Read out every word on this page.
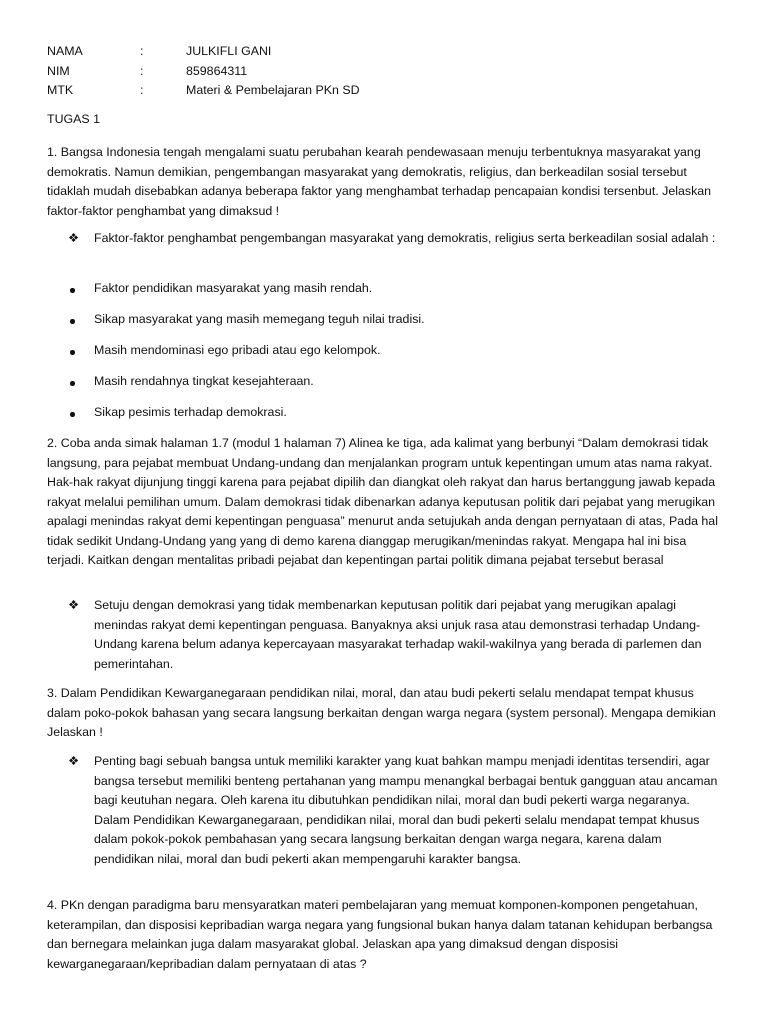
NAMA	:	JULKIFLI GANI
NIM	:	859864311
MTK	:	Materi & Pembelajaran PKn SD
TUGAS 1

1. Bangsa Indonesia tengah mengalami suatu perubahan kearah pendewasaan menuju terbentuknya masyarakat yang demokratis. Namun demikian, pengembangan masyarakat yang demokratis, religius, dan berkeadilan sosial tersebut tidaklah mudah disebabkan adanya beberapa faktor yang menghambat terhadap pencapaian kondisi tersenbut. Jelaskan faktor-faktor penghambat yang dimaksud !

❖ Faktor-faktor penghambat pengembangan masyarakat yang demokratis, religius serta berkeadilan sosial adalah :

Faktor pendidikan masyarakat yang masih rendah.
Sikap masyarakat yang masih memegang teguh nilai tradisi.
Masih mendominasi ego pribadi atau ego kelompok.
Masih rendahnya tingkat kesejahteraan.
Sikap pesimis terhadap demokrasi.

2. Coba anda simak halaman 1.7 (modul 1 halaman 7) Alinea ke tiga, ada kalimat yang berbunyi “Dalam demokrasi tidak langsung, para pejabat membuat Undang-undang dan menjalankan program untuk kepentingan umum atas nama rakyat. Hak-hak rakyat dijunjung tinggi karena para pejabat dipilih dan diangkat oleh rakyat dan harus bertanggung jawab kepada rakyat melalui pemilihan umum. Dalam demokrasi tidak dibenarkan adanya keputusan politik dari pejabat yang merugikan apalagi menindas rakyat demi kepentingan penguasa” menurut anda setujukah anda dengan pernyataan di atas, Pada hal tidak sedikit Undang-Undang yang yang di demo karena dianggap merugikan/menindas rakyat. Mengapa hal ini bisa terjadi. Kaitkan dengan mentalitas pribadi pejabat dan kepentingan partai politik dimana pejabat tersebut berasal

❖ Setuju dengan demokrasi yang tidak membenarkan keputusan politik dari pejabat yang merugikan apalagi menindas rakyat demi kepentingan penguasa. Banyaknya aksi unjuk rasa atau demonstrasi terhadap Undang-Undang karena belum adanya kepercayaan masyarakat terhadap wakil-wakilnya yang berada di parlemen dan pemerintahan.

3. Dalam Pendidikan Kewarganegaraan pendidikan nilai, moral, dan atau budi pekerti selalu mendapat tempat khusus dalam poko-pokok bahasan yang secara langsung berkaitan dengan warga negara (system personal). Mengapa demikian Jelaskan !

❖ Penting bagi sebuah bangsa untuk memiliki karakter yang kuat bahkan mampu menjadi identitas tersendiri, agar bangsa tersebut memiliki benteng pertahanan yang mampu menangkal berbagai bentuk gangguan atau ancaman bagi keutuhan negara. Oleh karena itu dibutuhkan pendidikan nilai, moral dan budi pekerti warga negaranya. Dalam Pendidikan Kewarganegaraan, pendidikan nilai, moral dan budi pekerti selalu mendapat tempat khusus dalam pokok-pokok pembahasan yang secara langsung berkaitan dengan warga negara, karena dalam pendidikan nilai, moral dan budi pekerti akan mempengaruhi karakter bangsa.

4. PKn dengan paradigma baru mensyaratkan materi pembelajaran yang memuat komponen-komponen pengetahuan, keterampilan, dan disposisi kepribadian warga negara yang fungsional bukan hanya dalam tatanan kehidupan berbangsa dan bernegara melainkan juga dalam masyarakat global. Jelaskan apa yang dimaksud dengan disposisi kewarganegaraan/kepribadian dalam pernyataan di atas ?
